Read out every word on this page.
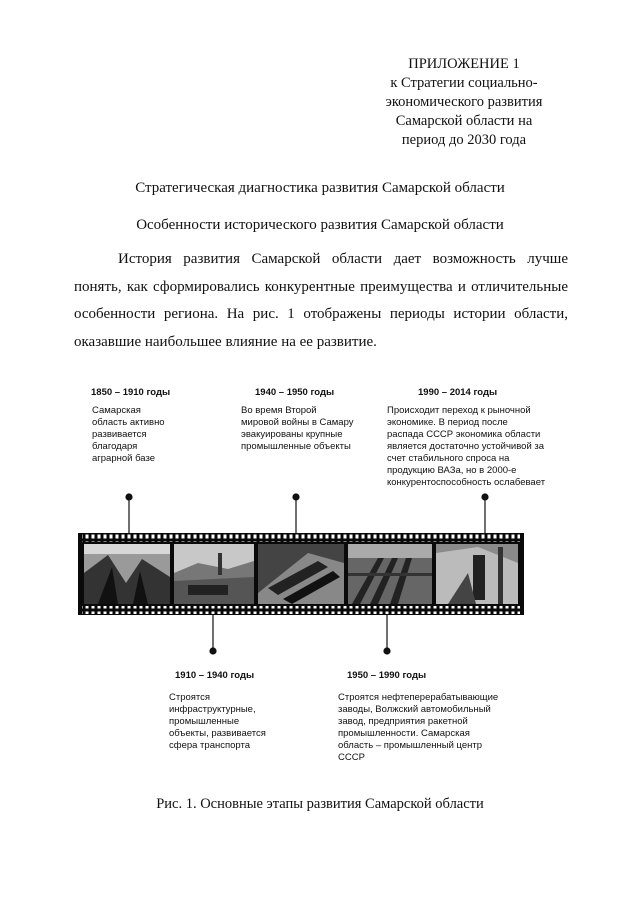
ПРИЛОЖЕНИЕ 1
к Стратегии социально-
экономического развития
Самарской области на
период до 2030 года
Стратегическая диагностика развития Самарской области
Особенности исторического развития Самарской области

История развития Самарской области дает возможность лучше понять, как сформировались конкурентные преимущества и отличительные особенности региона. На рис. 1 отображены периоды истории области, оказавшие наибольшее влияние на ее развитие.

1850 – 1910 годы
Самарская
область активно
развивается
благодаря
аграрной базе
1940 – 1950 годы
Во время Второй
мировой войны в Самару
эвакуированы крупные
промышленные объекты
1990 – 2014 годы
Происходит переход к рыночной
экономике. В период после
распада СССР экономика области
является достаточно устойчивой за
счет стабильного спроса на
продукцию ВАЗа, но в 2000-е
конкурентоспособность ослабевает
1910 – 1940 годы
Строятся
инфраструктурные,
промышленные
объекты, развивается
сфера транспорта
1950 – 1990 годы
Строятся нефтеперерабатывающие
заводы, Волжский автомобильный
завод, предприятия ракетной
промышленности. Самарская
область – промышленный центр
СССР
Рис. 1. Основные этапы развития Самарской области
